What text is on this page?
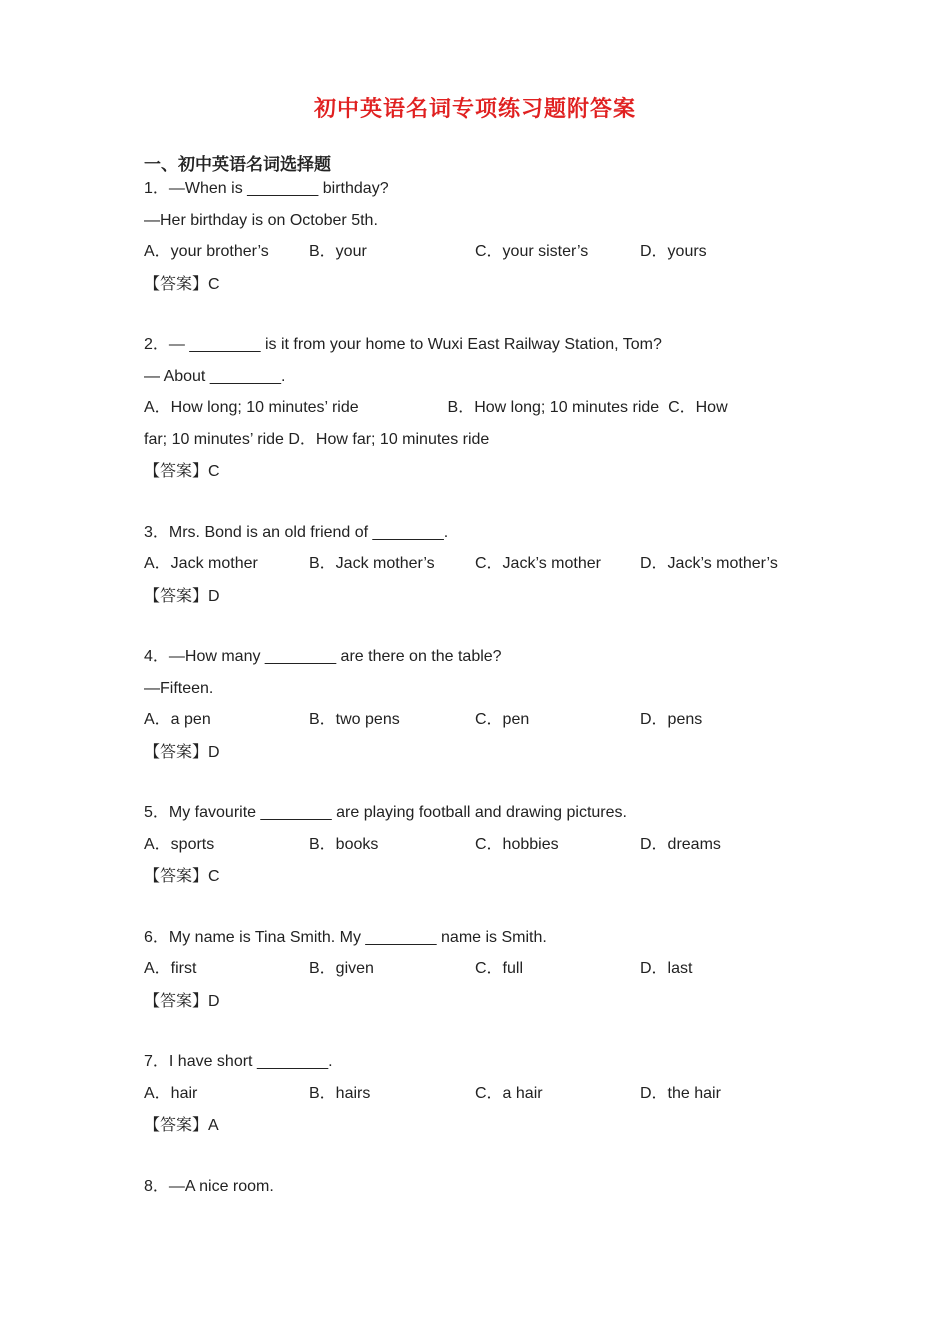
初中英语名词专项练习题附答案
一、初中英语名词选择题
1．—When is ________ birthday?
—Her birthday is on October 5th.
A．your brother’s	B．your	C．your sister’s	D．yours
【答案】C
2．— ________ is it from your home to Wuxi East Railway Station, Tom?
— About ________.
A．How long; 10 minutes’ ride                    B．How long; 10 minutes ride  C．How
far; 10 minutes’ ride D．How far; 10 minutes ride
【答案】C
3．Mrs. Bond is an old friend of ________.
A．Jack mother	B．Jack mother’s	C．Jack’s mother D．Jack’s mother’s
【答案】D
4．—How many ________ are there on the table?
—Fifteen.
A．a pen	B．two pens	C．pen	D．pens
【答案】D
5．My favourite ________ are playing football and drawing pictures.
A．sports	B．books	C．hobbies	D．dreams
【答案】C
6．My name is Tina Smith. My ________ name is Smith.
A．first	B．given	C．full	D．last
【答案】D
7．I have short ________.
A．hair	B．hairs	C．a hair	D．the hair
【答案】A
8．—A nice room.
